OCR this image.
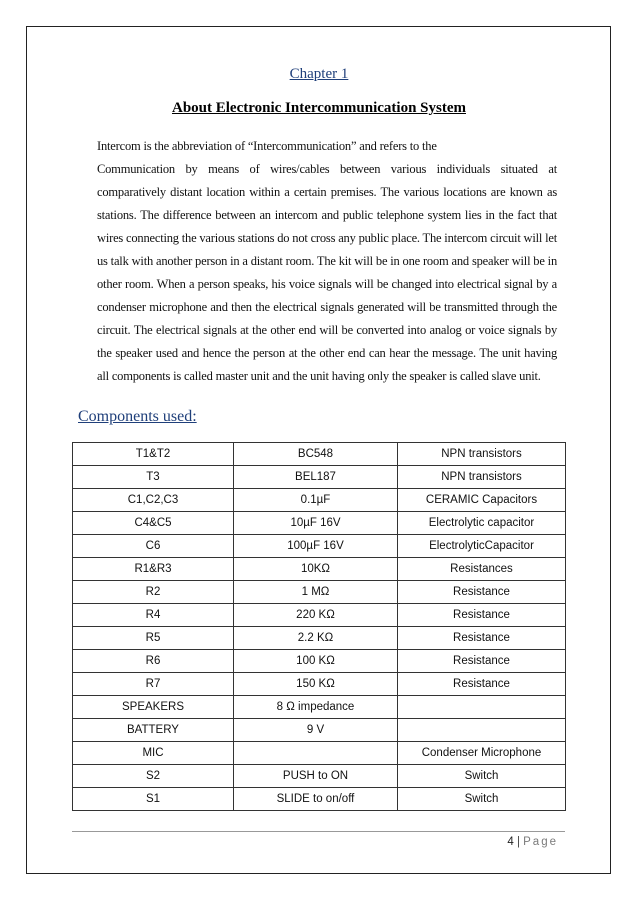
Chapter 1
About Electronic Intercommunication System
Intercom is the abbreviation of “Intercommunication” and refers to the
Communication by means of wires/cables between various individuals situated at comparatively distant location within a certain premises. The various locations are known as stations. The difference between an intercom and public telephone system lies in the fact that wires connecting the various stations do not cross any public place. The intercom circuit will let us talk with another person in a distant room. The kit will be in one room and speaker will be in other room. When a person speaks, his voice signals will be changed into electrical signal by a condenser microphone and then the electrical signals generated will be transmitted through the circuit. The electrical signals at the other end will be converted into analog or voice signals by the speaker used and hence the person at the other end can hear the message. The unit having all components is called master unit and the unit having only the speaker is called slave unit.
Components used:
T1&T2	BC548	NPN transistors
T3	BEL187	NPN transistors
C1,C2,C3	0.1µF	CERAMIC Capacitors
C4&C5	10µF 16V	Electrolytic capacitor
C6	100µF 16V	ElectrolyticCapacitor
R1&R3	10KΩ	Resistances
R2	1 MΩ	Resistance
R4	220 KΩ	Resistance
R5	2.2 KΩ	Resistance
R6	100 KΩ	Resistance
R7	150 KΩ	Resistance
SPEAKERS	8 Ω impedance	
BATTERY	9 V	
MIC		Condenser Microphone
S2	PUSH to ON	Switch
S1	SLIDE to on/off	Switch
4 | Page
